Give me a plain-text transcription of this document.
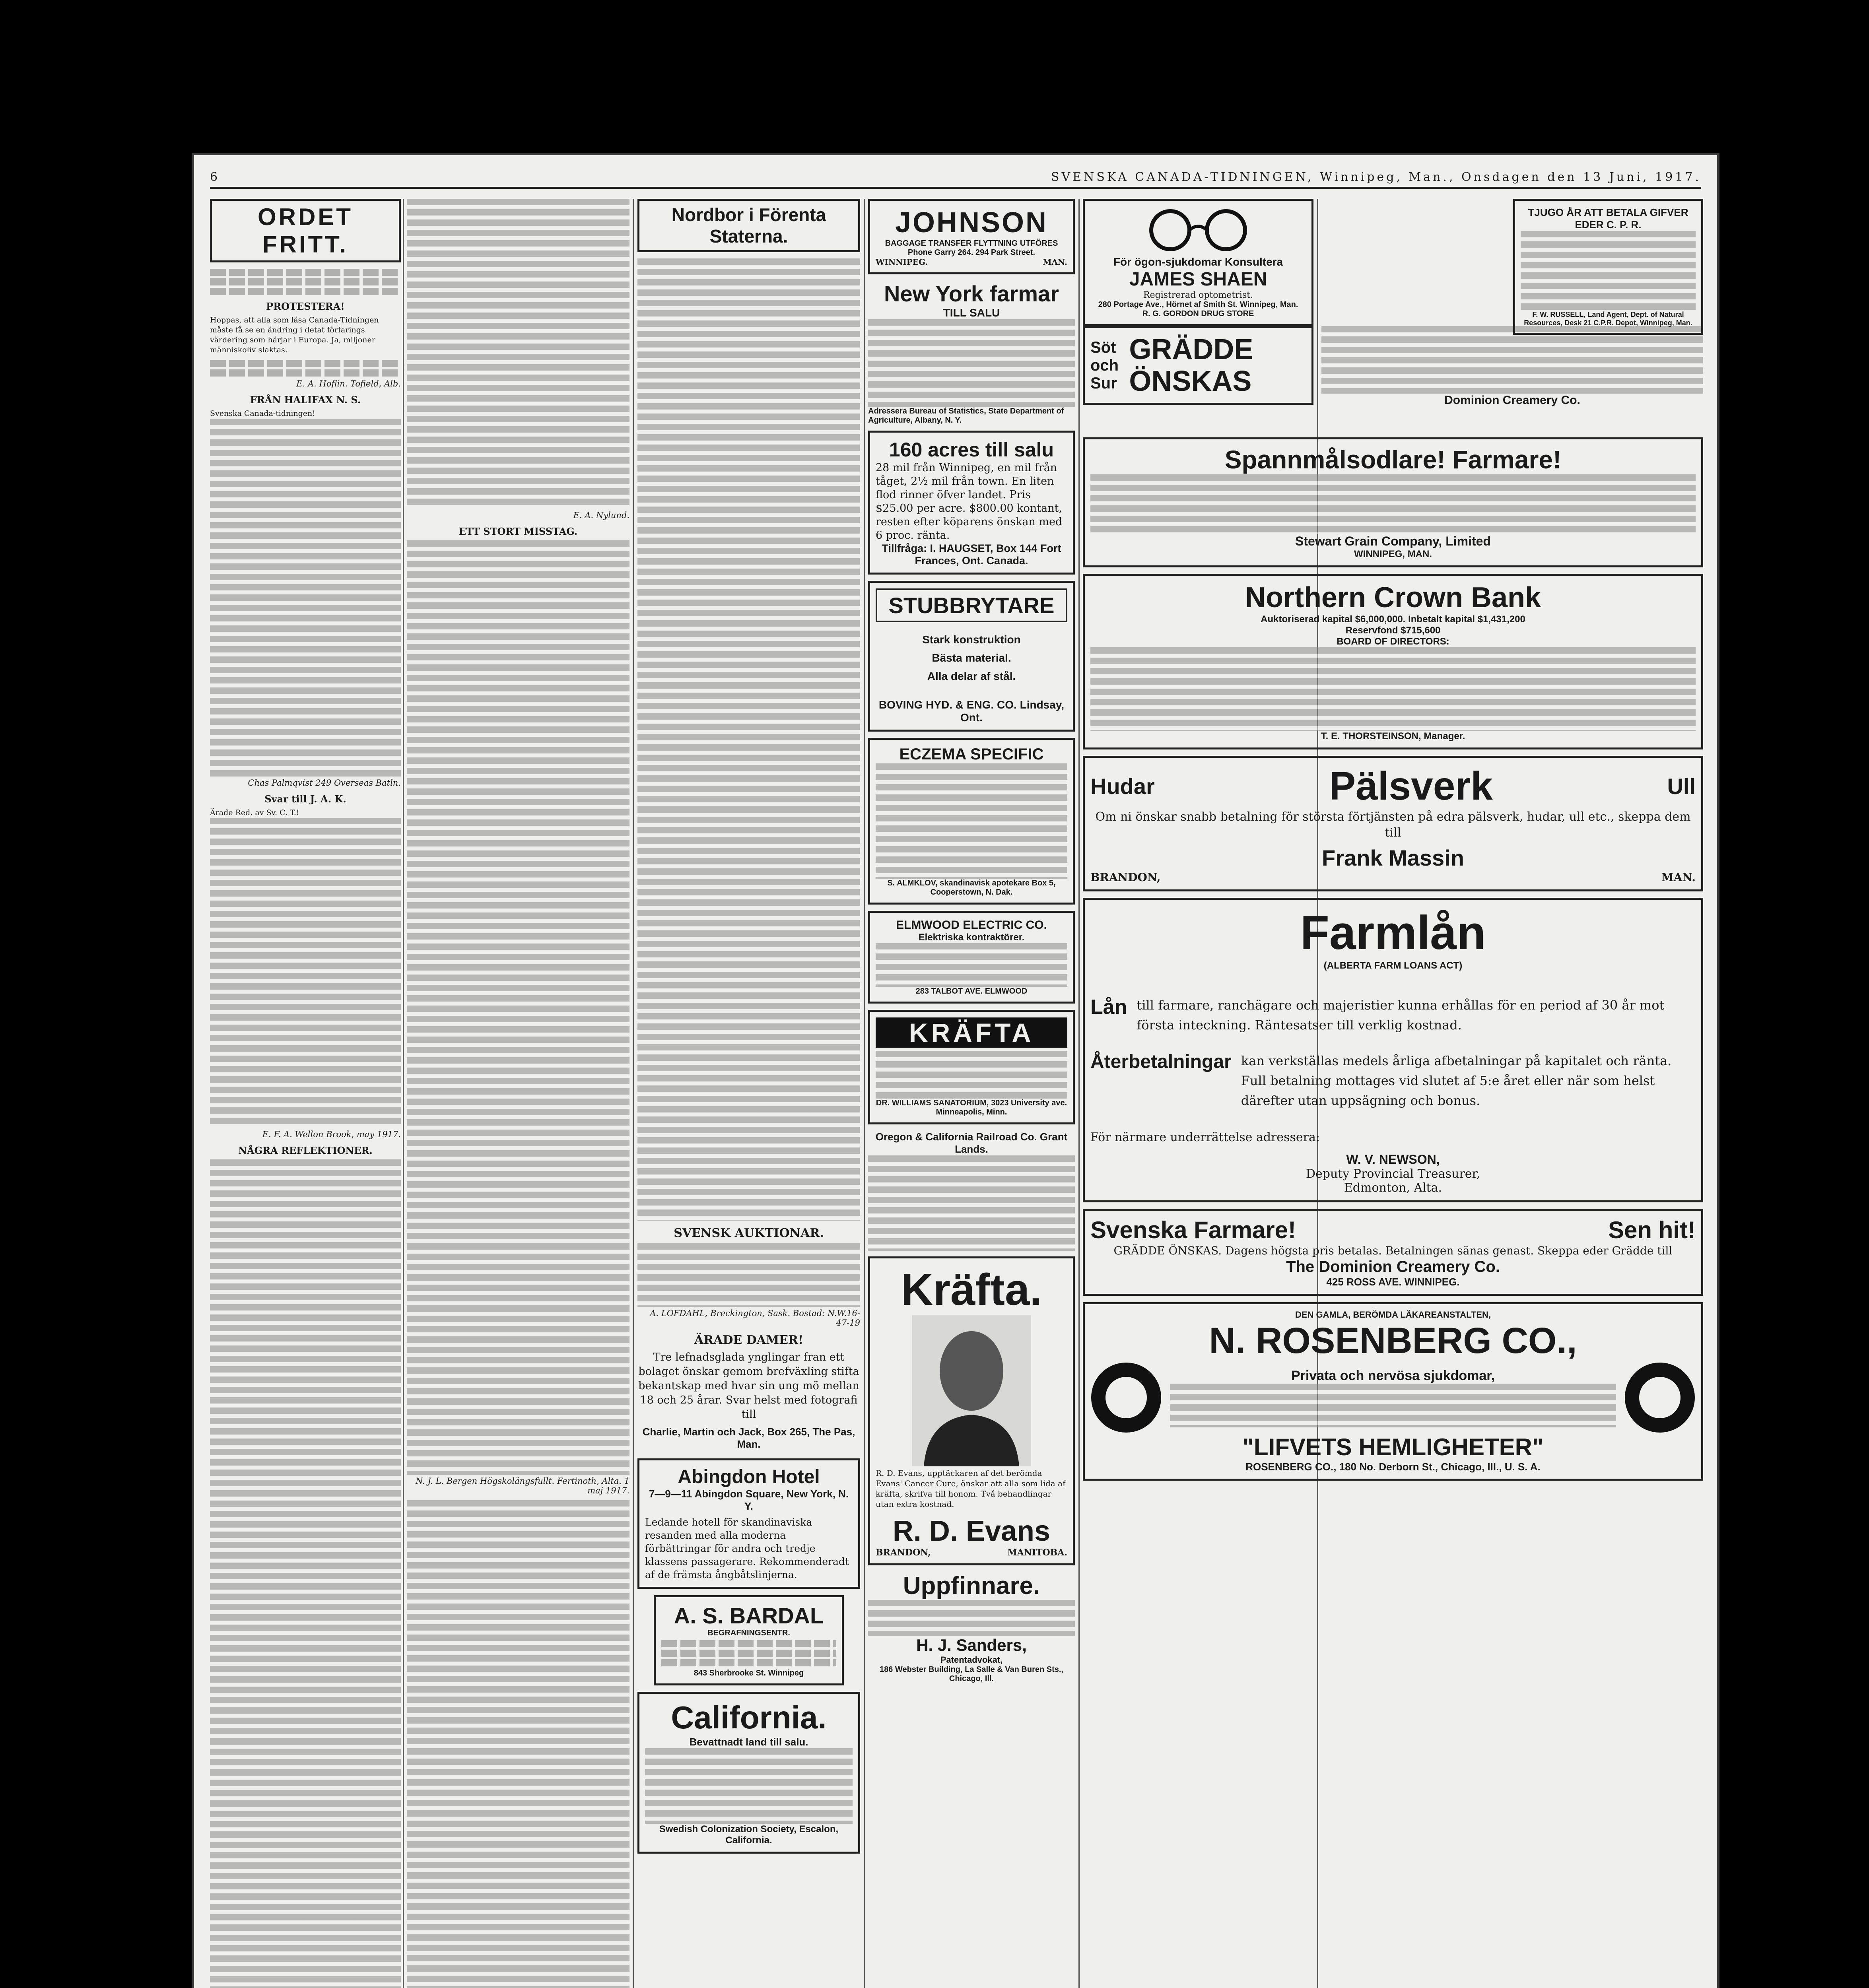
6	SVENSKA CANADA-TIDNINGEN, Winnipeg, Man., Onsdagen den 13 Juni, 1917.
ORDET FRITT.
PROTESTERA!
Hoppas, att alla som läsa Canada-Tidningen måste få se en ändring i detat förfarings värdering som härjar i Europa. Ja, miljoner människoliv slaktas.
E. A. Hoflin. Tofield, Alb.
FRÅN HALIFAX N. S.
Svenska Canada-tidningen!
Chas Palmqvist 249 Overseas Batln.
Svar till J. A. K.
Ärade Red. av Sv. C. T.!
E. F. A. Wellon Brook, may 1917.
NÅGRA REFLEKTIONER.
E. A. Nylund.
ETT STORT MISSTAG.
N. J. L. Bergen Högskolängsfullt. Fertinoth, Alta. 1 maj 1917.
Nordbor i Förenta Staterna.
SVENSK AUKTIONAR.
A. LOFDAHL, Breckington, Sask. Bostad: N.W.16-47-19
ÄRADE DAMER!
Tre lefnadsglada ynglingar fran ett bolaget önskar gemom brefväxling stifta bekantskap med hvar sin ung mö mellan 18 och 25 årar. Svar helst med fotografi till
Charlie, Martin och Jack, Box 265, The Pas, Man.
Abingdon Hotel
7—9—11 Abingdon Square, New York, N. Y.
Ledande hotell för skandinaviska resanden med alla moderna förbättringar för andra och tredje klassens passagerare. Rekommenderadt af de främsta ångbåtslinjerna.
A. S. BARDAL
BEGRAFNINGSENTR.
843 Sherbrooke St. Winnipeg
California.
Bevattnadt land till salu.
Swedish Colonization Society, Escalon, California.
JOHNSON
BAGGAGE TRANSFER FLYTTNING UTFÖRES
Phone Garry 264. 294 Park Street.
WINNIPEG.	MAN.
New York farmar
TILL SALU
Adressera Bureau of Statistics, State Department of Agriculture, Albany, N. Y.
160 acres till salu
28 mil från Winnipeg, en mil från tåget, 2½ mil från town. En liten flod rinner öfver landet. Pris $25.00 per acre. $800.00 kontant, resten efter köparens önskan med 6 proc. ränta.
Tillfråga: I. HAUGSET, Box 144 Fort Frances, Ont. Canada.
STUBBRYTARE
Stark konstruktion
Bästa material.
Alla delar af stål.
BOVING HYD. & ENG. CO. Lindsay, Ont.
ECZEMA SPECIFIC
S. ALMKLOV, skandinavisk apotekare Box 5, Cooperstown, N. Dak.
ELMWOOD ELECTRIC CO.
Elektriska kontraktörer.
283 TALBOT AVE. ELMWOOD
KRÄFTA
DR. WILLIAMS SANATORIUM, 3023 University ave. Minneapolis, Minn.
Oregon & California Railroad Co. Grant Lands.
Kräfta.
R. D. Evans, upptäckaren af det berömda Evans' Cancer Cure, önskar att alla som lida af kräfta, skrifva till honom. Två behandlingar utan extra kostnad.
R. D. Evans
BRANDON,	MANITOBA.
Uppfinnare.
H. J. Sanders,
Patentadvokat,
186 Webster Building, La Salle & Van Buren Sts., Chicago, Ill.
För ögon-sjukdomar Konsultera
JAMES SHAEN
Registrerad optometrist.
280 Portage Ave., Hörnet af Smith St. Winnipeg, Man.
R. G. GORDON DRUG STORE
Söt och Sur
GRÄDDE ÖNSKAS
Dominion Creamery Co.
Spannmålsodlare! Farmare!
Stewart Grain Company, Limited
WINNIPEG, MAN.
Northern Crown Bank
Auktoriserad kapital $6,000,000. Inbetalt kapital $1,431,200
Reservfond $715,600
BOARD OF DIRECTORS:
T. E. THORSTEINSON, Manager.
Hudar	Pälsverk	Ull
Om ni önskar snabb betalning för största förtjänsten på edra pälsverk, hudar, ull etc., skeppa dem till
Frank Massin
BRANDON,	MAN.
Farmlån
(ALBERTA FARM LOANS ACT)
Lån till farmare, ranchägare och majeristier kunna erhållas för en period af 30 år mot första inteckning. Räntesatser till verklig kostnad.
Återbetalningar kan verkställas medels årliga afbetalningar på kapitalet och ränta. Full betalning mottages vid slutet af 5:e året eller när som helst därefter utan uppsägning och bonus.
För närmare underrättelse adressera:
W. V. NEWSON,
Deputy Provincial Treasurer,
Edmonton, Alta.
Svenska Farmare!	Sen hit!
GRÄDDE ÖNSKAS. Dagens högsta pris betalas. Betalningen sänas genast. Skeppa eder Grädde till
The Dominion Creamery Co.
425 ROSS AVE. WINNIPEG.
DEN GAMLA, BERÖMDA LÄKAREANSTALTEN,
N. ROSENBERG CO.,
Privata och nervösa sjukdomar,
"LIFVETS HEMLIGHETER"
ROSENBERG CO., 180 No. Derborn St., Chicago, Ill., U. S. A.
TJUGO ÅR ATT BETALA GIFVER EDER C. P. R.
F. W. RUSSELL, Land Agent, Dept. of Natural Resources, Desk 21 C.P.R. Depot, Winnipeg, Man.
